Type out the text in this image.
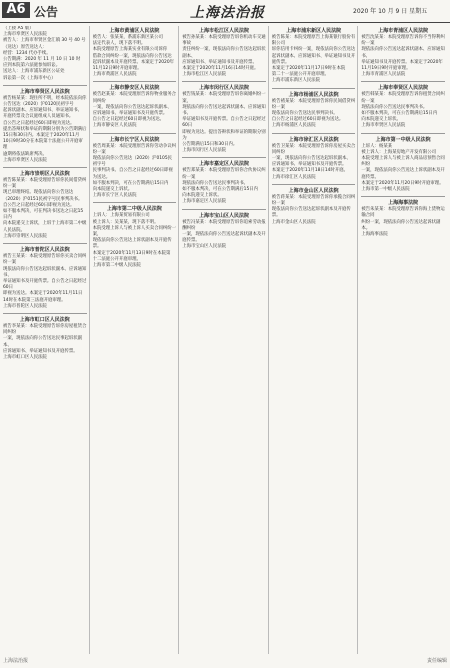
A6 公告	上海法治报	2020 年 10 月 9 日 星期五

（上接 A5 版）

上海市奉贤区人民法院

被告人：上海市奉贤区金汇镇 30 号 40 号

（送达）原告送达人：

经营：1234 代办手续。

公告期满：2020 年 11 月 10 日 10 时

应到本院第六法庭参加诉讼。

送达人：上海市浦东新区公证处

诉讼第一次（上海市中心）

上海市奉贤区人民法院

被告杨某某：现住所不明，经本院依法向你公告送达（2020）沪0120民初字号

起诉状副本、应诉通知书、举证通知书、

开庭传票及合议庭组成人员通知书。

自公告之日起经过60日即视为送达。

提出答辩状和举证的期限分别为公告期满后

15日和30日内。本案定于2020年11月

10日9时30分在本院第十法庭公开开庭审理

逾期将依法缺席判决。

上海市奉贤区人民法院

上海市崇明区人民法院

被告陈某某：本院受理原告诉你民间借贷纠纷一案

现已审理终结。现依法向你公告送达

（2020）沪0151民初字号民事判决书。

自公告之日起经过60日即视为送达。

如不服本判决，可在判决书送达之日起15日内

向本院递交上诉状，上诉于上海市第二中级人民法院。

上海市崇明区人民法院

上海市普陀区人民法院

被告王某某：本院受理原告诉你买卖合同纠纷一案

现依法向你公告送达起诉状副本、应诉通知书、

举证通知书及开庭传票。自公告之日起经过60日

即视为送达。本案定于2020年11月11日

14时在本院第三法庭开庭审理。

上海市普陀区人民法院

上海市虹口区人民法院

被告李某某：本院受理原告诉你房屋租赁合同纠纷

一案，现依法向你公告送达民事起诉状副本、

应诉通知书、举证通知书及开庭传票。

上海市虹口区人民法院

上海市黄浦区人民法院

被告人：张某某，系浦东新区某公司

法定代表人，现下落不明。

本院受理原告上海某实业有限公司诉你

借款合同纠纷一案，现依法向你公告送达

起诉状副本及开庭传票。本案定于2020年

11月12日9时开庭审理。

上海市黄浦区人民法院

上海市静安区人民法院

被告赵某某：本院受理原告诉你物业服务合同纠纷

一案，现依法向你公告送达起诉状副本、

应诉通知书、举证通知书及开庭传票。

自公告之日起经过60日即视为送达。

上海市静安区人民法院

上海市长宁区人民法院

被告周某某：本院受理原告诉你劳动争议纠纷一案

现依法向你公告送达（2020）沪0105民初字号

民事判决书。自公告之日起经过60日即视为送达。

如不服本判决，可在公告期满后15日内

向本院递交上诉状。

上海市长宁区人民法院

上海市第二中级人民法院

上诉人：上海某贸易有限公司

被上诉人：吴某某，现下落不明。

本院受理上诉人与被上诉人买卖合同纠纷一案，

现依法向你公告送达上诉状副本及开庭传票。

本案定于2020年11月13日9时在本院第

十二法庭公开开庭审理。

上海市第二中级人民法院

上海市松江区人民法院

被告孙某某：本院受理原告诉你机动车交通事故

责任纠纷一案，现依法向你公告送达起诉状副本、

应诉通知书、举证通知书及开庭传票。

本案定于2020年11月16日14时开庭。

上海市松江区人民法院

上海市闵行区人民法院

被告钱某某：本院受理原告诉你离婚纠纷一案，

现依法向你公告送达起诉状副本、应诉通知书、

举证通知书及开庭传票。自公告之日起经过60日

即视为送达。提出答辩状和举证的期限分别为

公告期满后15日和30日内。

上海市闵行区人民法院

上海市嘉定区人民法院

被告郑某某：本院受理原告诉你合伙协议纠纷一案

现依法向你公告送达民事判决书。

如不服本判决，可在公告期满后15日内

向本院递交上诉状。

上海市嘉定区人民法院

上海市宝山区人民法院

被告冯某某：本院受理原告诉你追索劳动报酬纠纷

一案，现依法向你公告送达起诉状副本及开庭传票。

上海市宝山区人民法院

上海市浦东新区人民法院

被告陈某：本院受理原告上海某银行股份有限公司

诉你信用卡纠纷一案，现依法向你公告送达

起诉状副本、应诉通知书、举证通知书及开庭传票。

本案定于2020年11月17日9时在本院

第二十一法庭公开开庭审理。

上海市浦东新区人民法院

上海市杨浦区人民法院

被告褚某某：本院受理原告诉你民间借贷纠纷一案

现依法向你公告送达民事判决书。

自公告之日起经过60日即视为送达。

上海市杨浦区人民法院

上海市徐汇区人民法院

被告卫某某：本院受理原告诉你房屋买卖合同纠纷

一案，现依法向你公告送达起诉状副本、

应诉通知书、举证通知书及开庭传票。

本案定于2020年11月18日14时开庭。

上海市徐汇区人民法院

上海市金山区人民法院

被告蒋某某：本院受理原告诉你承揽合同纠纷一案

现依法向你公告送达起诉状副本及开庭传票。

上海市金山区人民法院

上海市青浦区人民法院

被告沈某某：本院受理原告诉你不当得利纠纷一案

现依法向你公告送达起诉状副本、应诉通知书、

举证通知书及开庭传票。本案定于2020年

11月19日9时开庭审理。

上海市青浦区人民法院

上海市奉贤区人民法院

被告韩某某：本院受理原告诉你租赁合同纠纷一案

现依法向你公告送达民事判决书。

如不服本判决，可在公告期满后15日内

向本院递交上诉状。

上海市奉贤区人民法院

上海市第一中级人民法院

上诉人：杨某某

被上诉人：上海某房地产开发有限公司

本院受理上诉人与被上诉人商品房预售合同纠纷

一案，现依法向你公告送达上诉状副本及开庭传票。

本案定于2020年11月20日9时开庭审理。

上海市第一中级人民法院

上海海事法院

被告朱某某：本院受理原告诉你海上货物运输合同

纠纷一案，现依法向你公告送达起诉状副本。

上海海事法院

上海法治报	责任编辑
